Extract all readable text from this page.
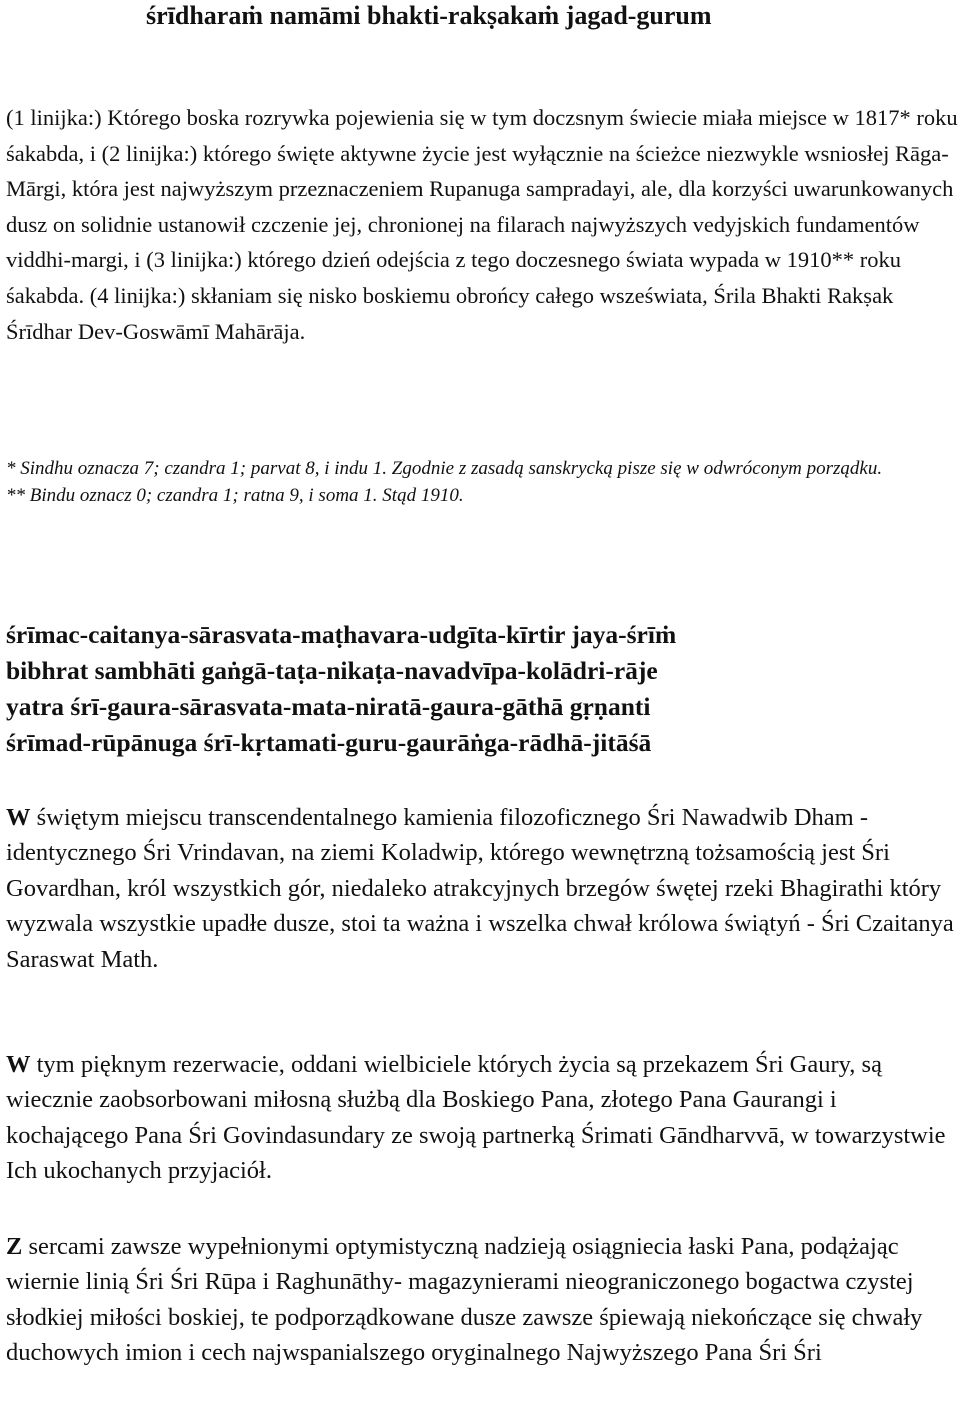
śrīdharaṁ namāmi bhakti-rakṣakaṁ jagad-gurum

(1 linijka:) Którego boska rozrywka pojewienia się w tym doczsnym świecie miała miejsce w 1817* roku śakabda, i (2 linijka:) którego święte aktywne życie jest wyłącznie na ścieżce niezwykle wsniosłej Rāga-Mārgi, która jest najwyższym przeznaczeniem Rupanuga sampradayi, ale, dla korzyści uwarunkowanych dusz on solidnie ustanowił czczenie jej, chronionej na filarach najwyższych vedyjskich fundamentów viddhi-margi, i (3 linijka:) którego dzień odejścia z tego doczesnego świata wypada w 1910** roku śakabda. (4 linijka:) skłaniam się nisko boskiemu obrońcy całego wszeświata, Śrila Bhakti Rakṣak Śrīdhar Dev-Goswāmī Mahārāja.

* Sindhu oznacza 7; czandra 1; parvat 8, i indu 1. Zgodnie z zasadą sanskrycką pisze się w odwróconym porządku.
** Bindu oznacz 0; czandra 1; ratna 9, i soma 1. Stąd 1910.
śrīmac-caitanya-sārasvata-maṭhavara-udgīta-kīrtir jaya-śrīṁ
bibhrat sambhāti gaṅgā-taṭa-nikaṭa-navadvīpa-kolādri-rāje
yatra śrī-gaura-sārasvata-mata-niratā-gaura-gāthā gṛṇanti
śrīmad-rūpānuga śrī-kṛtamati-guru-gaurāṅga-rādhā-jitāśā

W świętym miejscu transcendentalnego kamienia filozoficznego Śri Nawadwib Dham - identycznego Śri Vrindavan, na ziemi Koladwip, którego wewnętrzną tożsamością jest Śri Govardhan, król wszystkich gór, niedaleko atrakcyjnych brzegów śwętej rzeki Bhagirathi który wyzwala wszystkie upadłe dusze, stoi ta ważna i wszelka chwał królowa świątyń - Śri Czaitanya Saraswat Math.

W tym pięknym rezerwacie, oddani wielbiciele których życia są przekazem Śri Gaury, są wiecznie zaobsorbowani miłosną służbą dla Boskiego Pana, złotego Pana Gaurangi i kochającego Pana Śri Govindasundary ze swoją partnerką Śrimati Gāndharvvā, w towarzystwie Ich ukochanych przyjaciół.

Z sercami zawsze wypełnionymi optymistyczną nadzieją osiągniecia łaski Pana, podążając wiernie linią Śri Śri Rūpa i Raghunāthy- magazynierami nieograniczonego bogactwa czystej słodkiej miłości boskiej, te podporządkowane dusze zawsze śpiewają niekończące się chwały duchowych imion i cech najwspanialszego oryginalnego Najwyższego Pana Śri Śri
